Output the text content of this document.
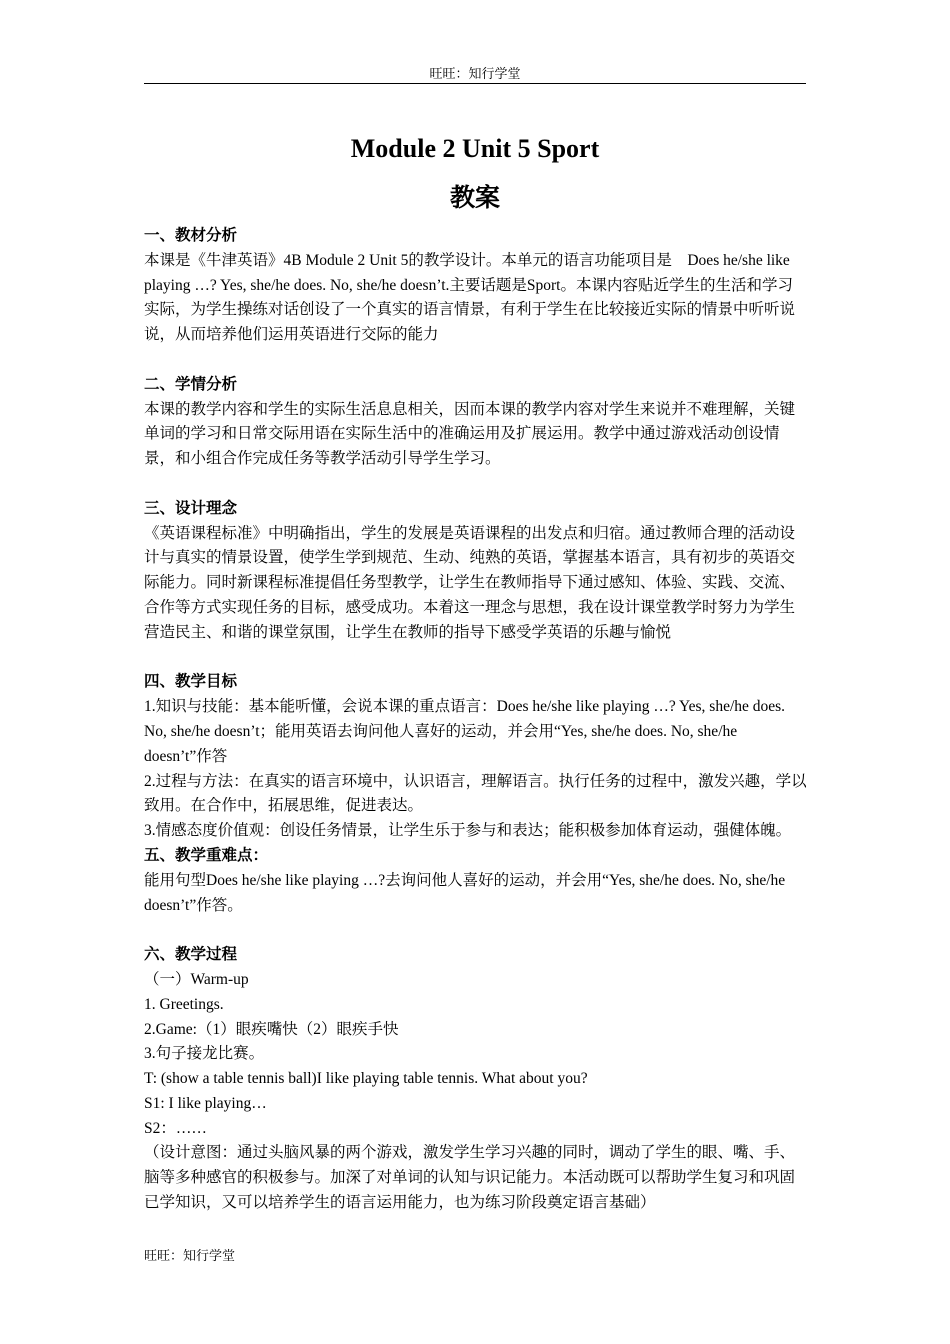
旺旺：知行学堂
Module 2 Unit 5 Sport
教案

一、教材分析

本课是《牛津英语》4B Module 2 Unit 5的教学设计。本单元的语言功能项目是　Does he/she like playing …? Yes, she/he does. No, she/he doesn’t.主要话题是Sport。本课内容贴近学生的生活和学习实际，为学生操练对话创设了一个真实的语言情景，有利于学生在比较接近实际的情景中听听说说，从而培养他们运用英语进行交际的能力

二、学情分析

本课的教学内容和学生的实际生活息息相关，因而本课的教学内容对学生来说并不难理解，关键单词的学习和日常交际用语在实际生活中的准确运用及扩展运用。教学中通过游戏活动创设情景，和小组合作完成任务等教学活动引导学生学习。

三、设计理念

《英语课程标准》中明确指出，学生的发展是英语课程的出发点和归宿。通过教师合理的活动设计与真实的情景设置，使学生学到规范、生动、纯熟的英语，掌握基本语言，具有初步的英语交际能力。同时新课程标准提倡任务型教学，让学生在教师指导下通过感知、体验、实践、交流、合作等方式实现任务的目标，感受成功。本着这一理念与思想，我在设计课堂教学时努力为学生营造民主、和谐的课堂氛围，让学生在教师的指导下感受学英语的乐趣与愉悦

四、教学目标

1.知识与技能：基本能听懂，会说本课的重点语言：Does he/she like playing …? Yes, she/he does. No, she/he doesn’t；能用英语去询问他人喜好的运动，并会用“Yes, she/he does. No, she/he doesn’t”作答

2.过程与方法：在真实的语言环境中，认识语言，理解语言。执行任务的过程中，激发兴趣，学以致用。在合作中，拓展思维，促进表达。

3.情感态度价值观：创设任务情景，让学生乐于参与和表达；能积极参加体育运动，强健体魄。

五、教学重难点：

能用句型Does he/she like playing …?去询问他人喜好的运动，并会用“Yes, she/he does. No, she/he doesn’t”作答。

六、教学过程

（一）Warm-up

1. Greetings.

2.Game:（1）眼疾嘴快（2）眼疾手快

3.句子接龙比赛。

T: (show a table tennis ball)I like playing table tennis. What about you?

S1: I like playing…

S2：……

（设计意图：通过头脑风暴的两个游戏，激发学生学习兴趣的同时，调动了学生的眼、嘴、手、脑等多种感官的积极参与。加深了对单词的认知与识记能力。本活动既可以帮助学生复习和巩固已学知识，又可以培养学生的语言运用能力，也为练习阶段奠定语言基础）

旺旺：知行学堂
